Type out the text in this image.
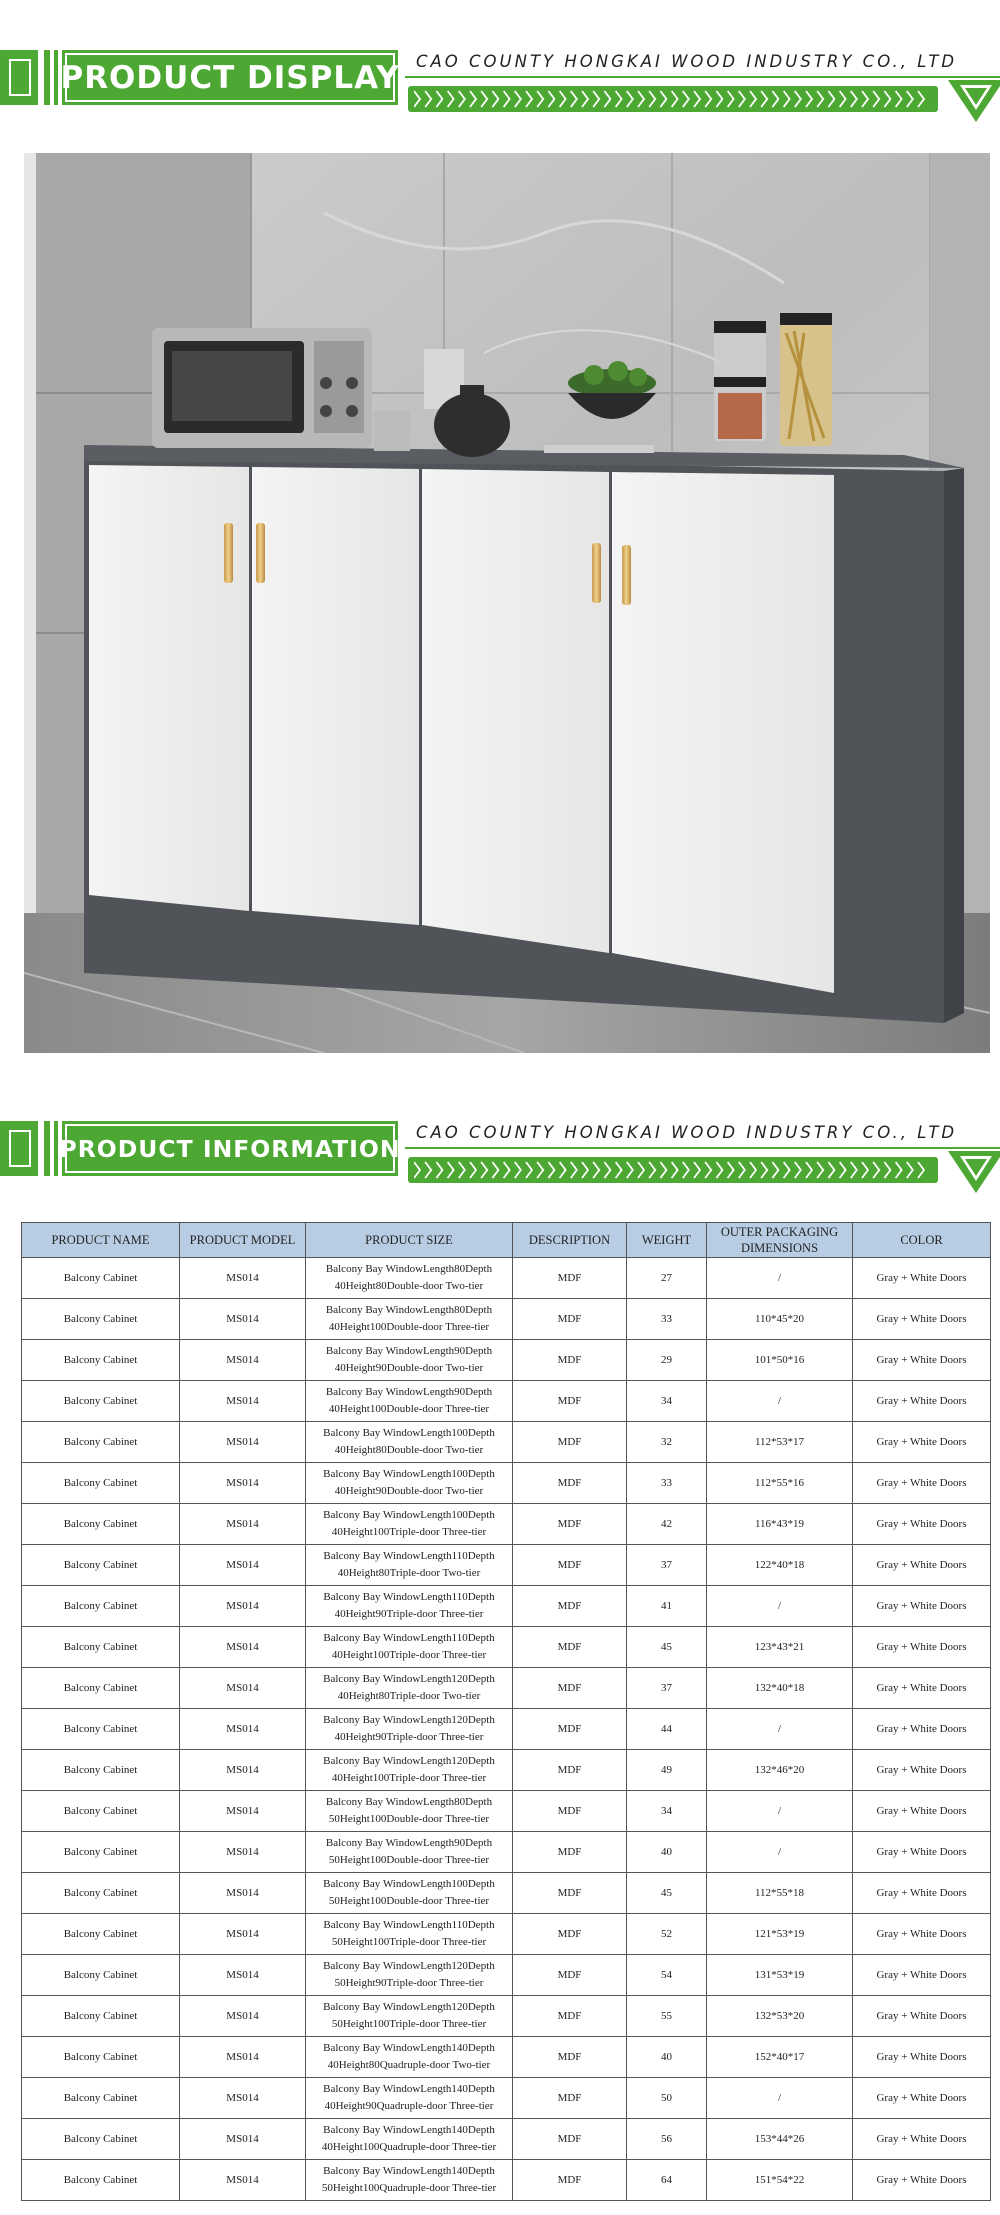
PRODUCT DISPLAY CAO COUNTY HONGKAI WOOD INDUSTRY CO., LTD
PRODUCT INFORMATION
CAO COUNTY HONGKAI WOOD INDUSTRY CO., LTD
PRODUCT NAME	PRODUCT MODEL	PRODUCT SIZE	DESCRIPTION	WEIGHT	OUTER PACKAGING DIMENSIONS	COLOR
Balcony Cabinet	MS014	Balcony Bay WindowLength80Depth 40Height80Double-door Two-tier	MDF	27	/	Gray + White Doors
Balcony Cabinet	MS014	Balcony Bay WindowLength80Depth 40Height100Double-door Three-tier	MDF	33	110*45*20	Gray + White Doors
Balcony Cabinet	MS014	Balcony Bay WindowLength90Depth 40Height90Double-door Two-tier	MDF	29	101*50*16	Gray + White Doors
Balcony Cabinet	MS014	Balcony Bay WindowLength90Depth 40Height100Double-door Three-tier	MDF	34	/	Gray + White Doors
Balcony Cabinet	MS014	Balcony Bay WindowLength100Depth 40Height80Double-door Two-tier	MDF	32	112*53*17	Gray + White Doors
Balcony Cabinet	MS014	Balcony Bay WindowLength100Depth 40Height90Double-door Two-tier	MDF	33	112*55*16	Gray + White Doors
Balcony Cabinet	MS014	Balcony Bay WindowLength100Depth 40Height100Triple-door Three-tier	MDF	42	116*43*19	Gray + White Doors
Balcony Cabinet	MS014	Balcony Bay WindowLength110Depth 40Height80Triple-door Two-tier	MDF	37	122*40*18	Gray + White Doors
Balcony Cabinet	MS014	Balcony Bay WindowLength110Depth 40Height90Triple-door Three-tier	MDF	41	/	Gray + White Doors
Balcony Cabinet	MS014	Balcony Bay WindowLength110Depth 40Height100Triple-door Three-tier	MDF	45	123*43*21	Gray + White Doors
Balcony Cabinet	MS014	Balcony Bay WindowLength120Depth 40Height80Triple-door Two-tier	MDF	37	132*40*18	Gray + White Doors
Balcony Cabinet	MS014	Balcony Bay WindowLength120Depth 40Height90Triple-door Three-tier	MDF	44	/	Gray + White Doors
Balcony Cabinet	MS014	Balcony Bay WindowLength120Depth 40Height100Triple-door Three-tier	MDF	49	132*46*20	Gray + White Doors
Balcony Cabinet	MS014	Balcony Bay WindowLength80Depth 50Height100Double-door Three-tier	MDF	34	/	Gray + White Doors
Balcony Cabinet	MS014	Balcony Bay WindowLength90Depth 50Height100Double-door Three-tier	MDF	40	/	Gray + White Doors
Balcony Cabinet	MS014	Balcony Bay WindowLength100Depth 50Height100Double-door Three-tier	MDF	45	112*55*18	Gray + White Doors
Balcony Cabinet	MS014	Balcony Bay WindowLength110Depth 50Height100Triple-door Three-tier	MDF	52	121*53*19	Gray + White Doors
Balcony Cabinet	MS014	Balcony Bay WindowLength120Depth 50Height90Triple-door Three-tier	MDF	54	131*53*19	Gray + White Doors
Balcony Cabinet	MS014	Balcony Bay WindowLength120Depth 50Height100Triple-door Three-tier	MDF	55	132*53*20	Gray + White Doors
Balcony Cabinet	MS014	Balcony Bay WindowLength140Depth 40Height80Quadruple-door Two-tier	MDF	40	152*40*17	Gray + White Doors
Balcony Cabinet	MS014	Balcony Bay WindowLength140Depth 40Height90Quadruple-door Three-tier	MDF	50	/	Gray + White Doors
Balcony Cabinet	MS014	Balcony Bay WindowLength140Depth 40Height100Quadruple-door Three-tier	MDF	56	153*44*26	Gray + White Doors
Balcony Cabinet	MS014	Balcony Bay WindowLength140Depth 50Height100Quadruple-door Three-tier	MDF	64	151*54*22	Gray + White Doors
